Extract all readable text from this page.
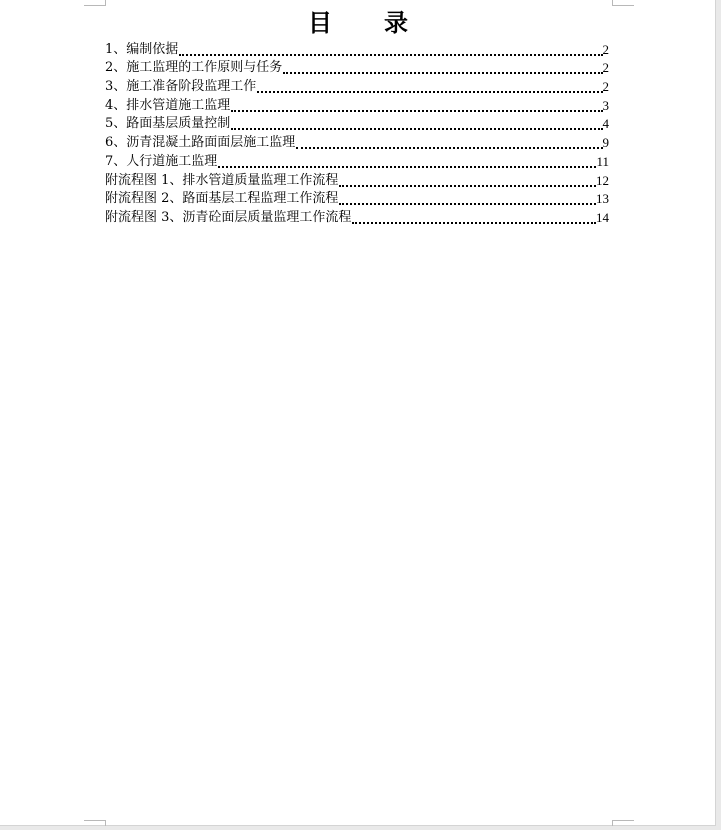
目 录
1、编制依据	2
2、施工监理的工作原则与任务	2
3、施工准备阶段监理工作	2
4、排水管道施工监理	3
5、路面基层质量控制	4
6、沥青混凝土路面面层施工监理	9
7、人行道施工监理	11
附流程图 1、排水管道质量监理工作流程	12
附流程图 2、路面基层工程监理工作流程	13
附流程图 3、沥青砼面层质量监理工作流程	14
